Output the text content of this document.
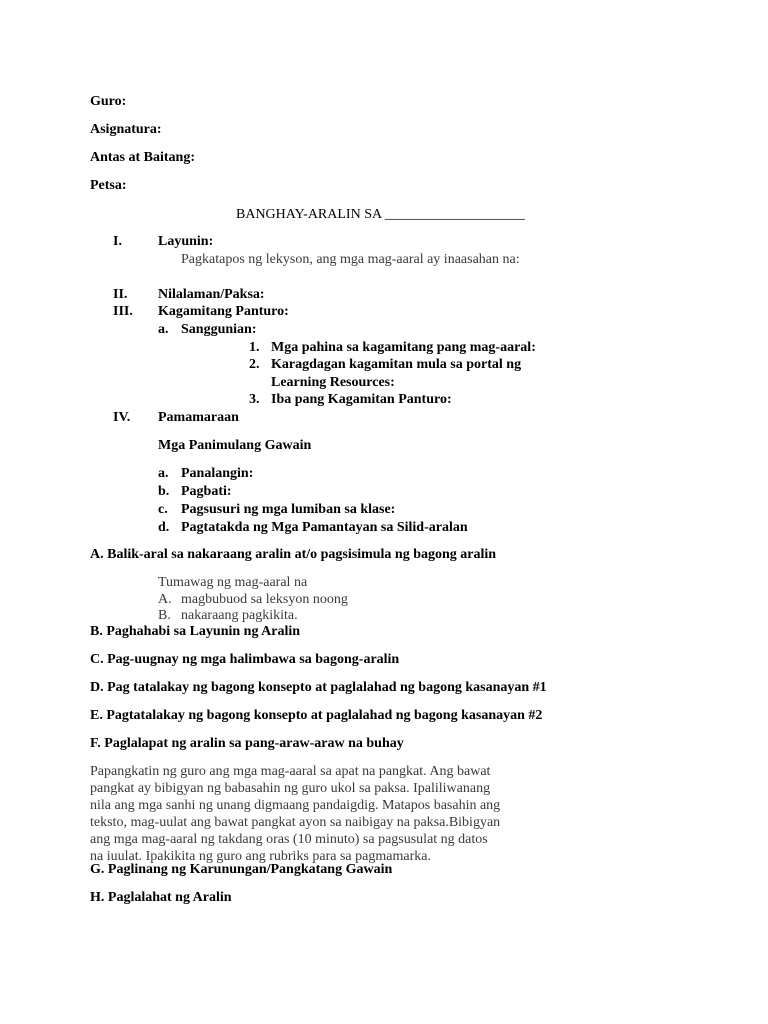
Guro:
Asignatura:
Antas at Baitang:
Petsa:
BANGHAY-ARALIN SA ____________________
I.	Layunin:
Pagkatapos ng lekyson, ang mga mag-aaral ay inaasahan na:
II. Nilalaman/Paksa:
III. Kagamitang Panturo:
a. Sanggunian:
1. Mga pahina sa kagamitang pang mag-aaral:
2. Karagdagan kagamitan mula sa portal ng
Learning Resources:
3. Iba pang Kagamitan Panturo:
IV. Pamamaraan
Mga Panimulang Gawain
a. Panalangin:
b. Pagbati:
c. Pagsusuri ng mga lumiban sa klase:
d. Pagtatakda ng Mga Pamantayan sa Silid-aralan
A. Balik-aral sa nakaraang aralin at/o pagsisimula ng bagong aralin
Tumawag ng mag-aaral na
A. magbubuod sa leksyon noong
B. nakaraang pagkikita.
B. Paghahabi sa Layunin ng Aralin
C. Pag-uugnay ng mga halimbawa sa bagong-aralin
D. Pag tatalakay ng bagong konsepto at paglalahad ng bagong kasanayan #1
E. Pagtatalakay ng bagong konsepto at paglalahad ng bagong kasanayan #2
F. Paglalapat ng aralin sa pang-araw-araw na buhay
Papangkatin ng guro ang mga mag-aaral sa apat na pangkat. Ang bawat
pangkat ay bibigyan ng babasahin ng guro ukol sa paksa. Ipaliliwanang
nila ang mga sanhi ng unang digmaang pandaigdig. Matapos basahin ang
teksto, mag-uulat ang bawat pangkat ayon sa naibigay na paksa.Bibigyan
ang mga mag-aaral ng takdang oras (10 minuto) sa pagsusulat ng datos
na iuulat. Ipakikita ng guro ang rubriks para sa pagmamarka.
G. Paglinang ng Karunungan/Pangkatang Gawain
H. Paglalahat ng Aralin
